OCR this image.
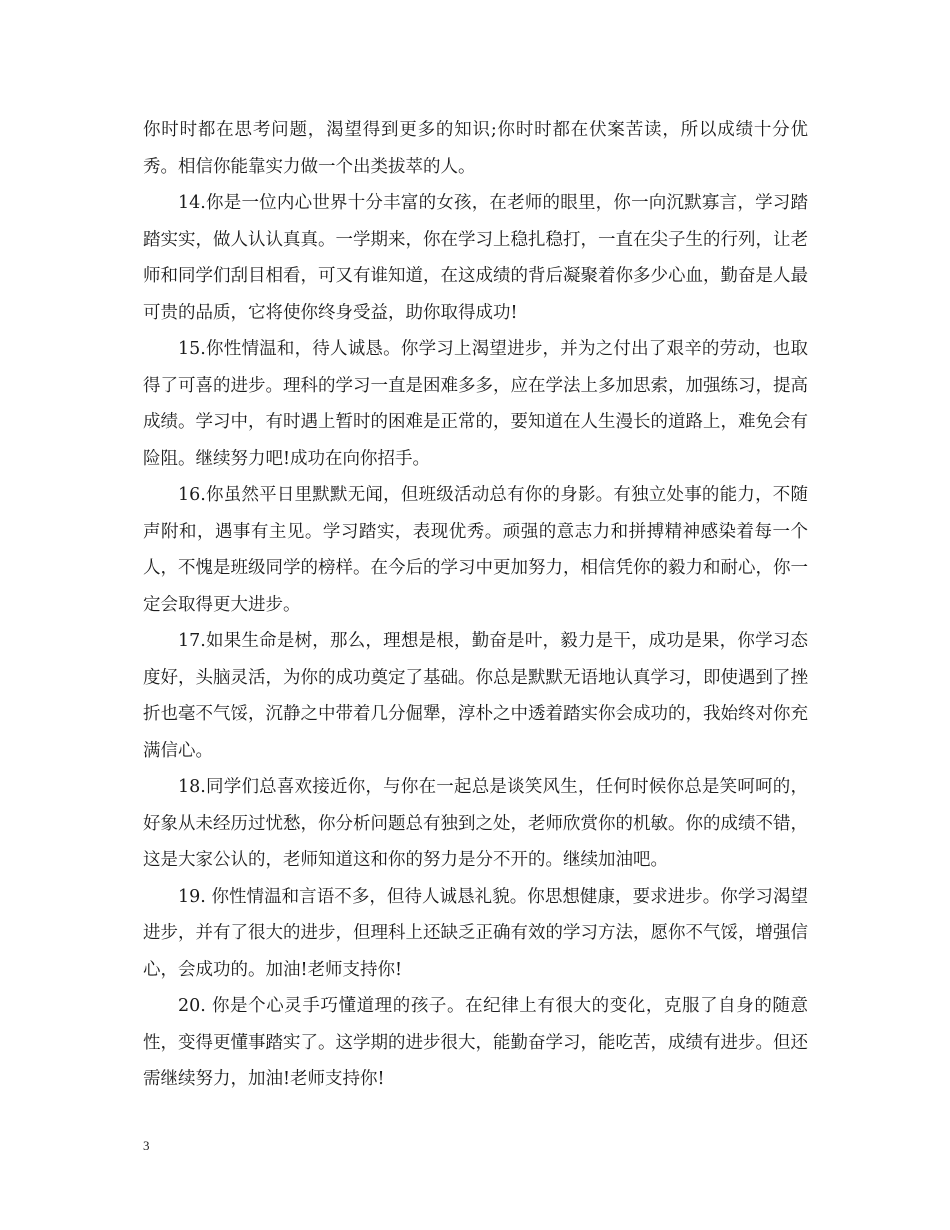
你时时都在思考问题，渴望得到更多的知识;你时时都在伏案苦读，所以成绩十分优秀。相信你能靠实力做一个出类拔萃的人。

14.你是一位内心世界十分丰富的女孩，在老师的眼里，你一向沉默寡言，学习踏踏实实，做人认认真真。一学期来，你在学习上稳扎稳打，一直在尖子生的行列，让老师和同学们刮目相看，可又有谁知道，在这成绩的背后凝聚着你多少心血，勤奋是人最可贵的品质，它将使你终身受益，助你取得成功!

15.你性情温和，待人诚恳。你学习上渴望进步，并为之付出了艰辛的劳动，也取得了可喜的进步。理科的学习一直是困难多多，应在学法上多加思索，加强练习，提高成绩。学习中，有时遇上暂时的困难是正常的，要知道在人生漫长的道路上，难免会有险阻。继续努力吧!成功在向你招手。

16.你虽然平日里默默无闻，但班级活动总有你的身影。有独立处事的能力，不随声附和，遇事有主见。学习踏实，表现优秀。顽强的意志力和拼搏精神感染着每一个人，不愧是班级同学的榜样。在今后的学习中更加努力，相信凭你的毅力和耐心，你一定会取得更大进步。

17.如果生命是树，那么，理想是根，勤奋是叶，毅力是干，成功是果，你学习态度好，头脑灵活，为你的成功奠定了基础。你总是默默无语地认真学习，即使遇到了挫折也毫不气馁，沉静之中带着几分倔犟，淳朴之中透着踏实你会成功的，我始终对你充满信心。

18.同学们总喜欢接近你，与你在一起总是谈笑风生，任何时候你总是笑呵呵的，好象从未经历过忧愁，你分析问题总有独到之处，老师欣赏你的机敏。你的成绩不错，这是大家公认的，老师知道这和你的努力是分不开的。继续加油吧。

19. 你性情温和言语不多，但待人诚恳礼貌。你思想健康，要求进步。你学习渴望进步，并有了很大的进步，但理科上还缺乏正确有效的学习方法，愿你不气馁，增强信心，会成功的。加油!老师支持你!

20. 你是个心灵手巧懂道理的孩子。在纪律上有很大的变化，克服了自身的随意性，变得更懂事踏实了。这学期的进步很大，能勤奋学习，能吃苦，成绩有进步。但还需继续努力，加油!老师支持你!

3
